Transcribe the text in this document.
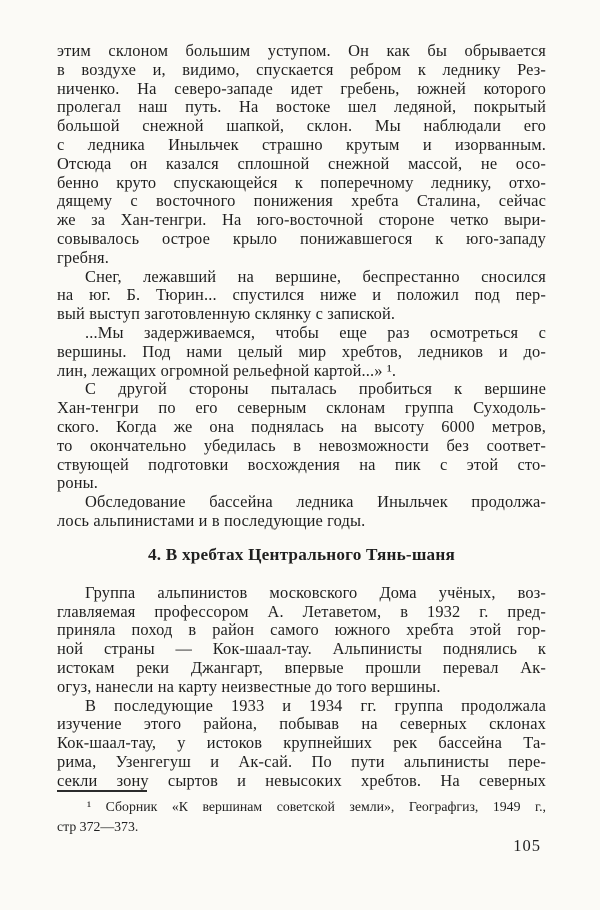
этим склоном большим уступом. Он как бы обрывается
в воздухе и, видимо, спускается ребром к леднику Рез-
ниченко. На северо-западе идет гребень, южней которого
пролегал наш путь. На востоке шел ледяной, покрытый
большой снежной шапкой, склон. Мы наблюдали его
с ледника Иныльчек страшно крутым и изорванным.
Отсюда он казался сплошной снежной массой, не осо-
бенно круто спускающейся к поперечному леднику, отхо-
дящему с восточного понижения хребта Сталина, сейчас
же за Хан-тенгри. На юго-восточной стороне четко выри-
совывалось острое крыло понижавшегося к юго-западу
гребня.
Снег, лежавший на вершине, беспрестанно сносился
на юг. Б. Тюрин... спустился ниже и положил под пер-
вый выступ заготовленную склянку с запиской.
...Мы задерживаемся, чтобы еще раз осмотреться с
вершины. Под нами целый мир хребтов, ледников и до-
лин, лежащих огромной рельефной картой...» ¹.
С другой стороны пыталась пробиться к вершине
Хан-тенгри по его северным склонам группа Суходоль-
ского. Когда же она поднялась на высоту 6000 метров,
то окончательно убедилась в невозможности без соответ-
ствующей подготовки восхождения на пик с этой сто-
роны.
Обследование бассейна ледника Иныльчек продолжа-
лось альпинистами и в последующие годы.
4. В хребтах Центрального Тянь-шаня
Группа альпинистов московского Дома учёных, воз-
главляемая профессором А. Летаветом, в 1932 г. пред-
приняла поход в район самого южного хребта этой гор-
ной страны — Кок-шаал-тау. Альпинисты поднялись к
истокам реки Джангарт, впервые прошли перевал Ак-
огуз, нанесли на карту неизвестные до того вершины.
В последующие 1933 и 1934 гг. группа продолжала
изучение этого района, побывав на северных склонах
Кок-шаал-тау, у истоков крупнейших рек бассейна Та-
рима, Узенгегуш и Ак-сай. По пути альпинисты пере-
секли зону сыртов и невысоких хребтов. На северных
¹ Сборник «К вершинам советской земли», Географгиз, 1949 г.,
стр 372—373.
105
